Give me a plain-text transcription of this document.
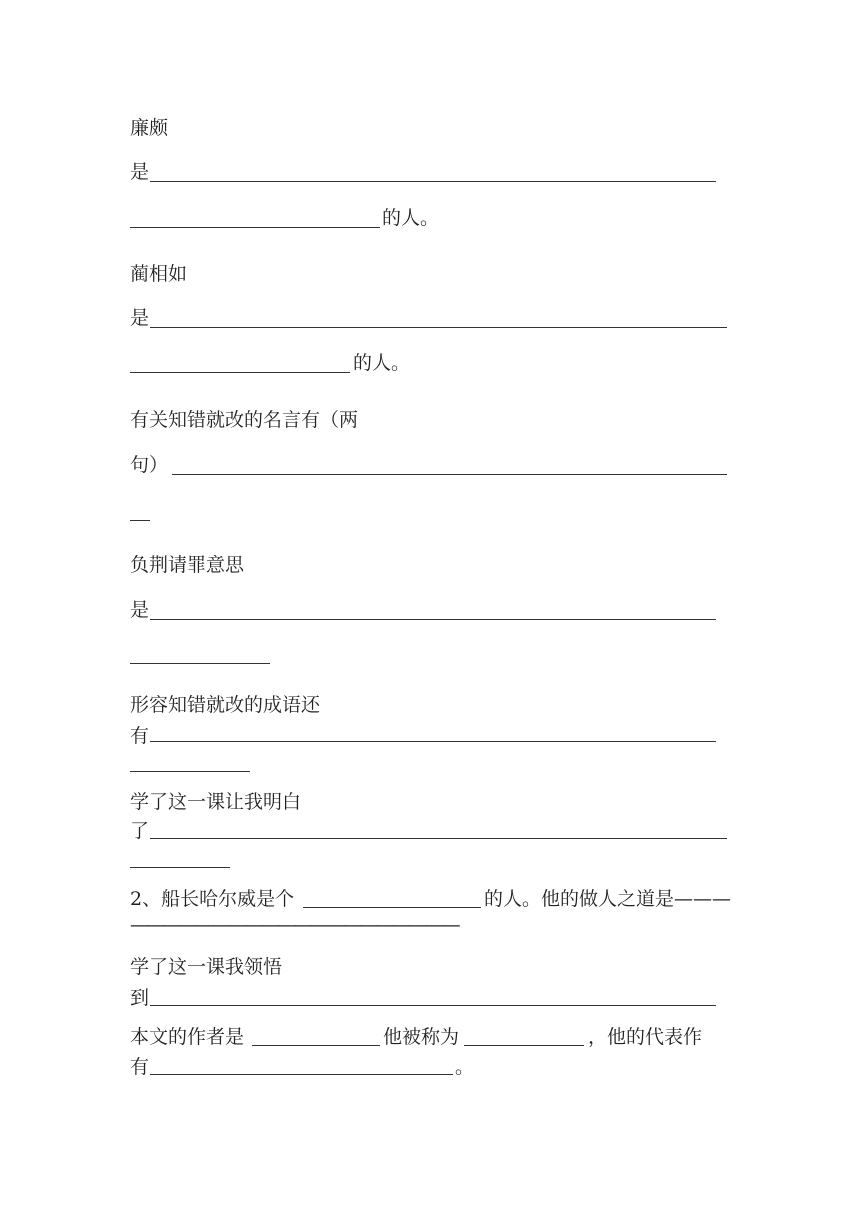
廉颇
是
的人。
蔺相如
是
的人。
有关知错就改的名言有（两
句）
负荆请罪意思
是
形容知错就改的成语还
有
学了这一课让我明白
了
2、船长哈尔威是个	的人。他的做人之道是———
————————————————————
学了这一课我领悟
到
本文的作者是	他被称为	，他的代表作
有	。
